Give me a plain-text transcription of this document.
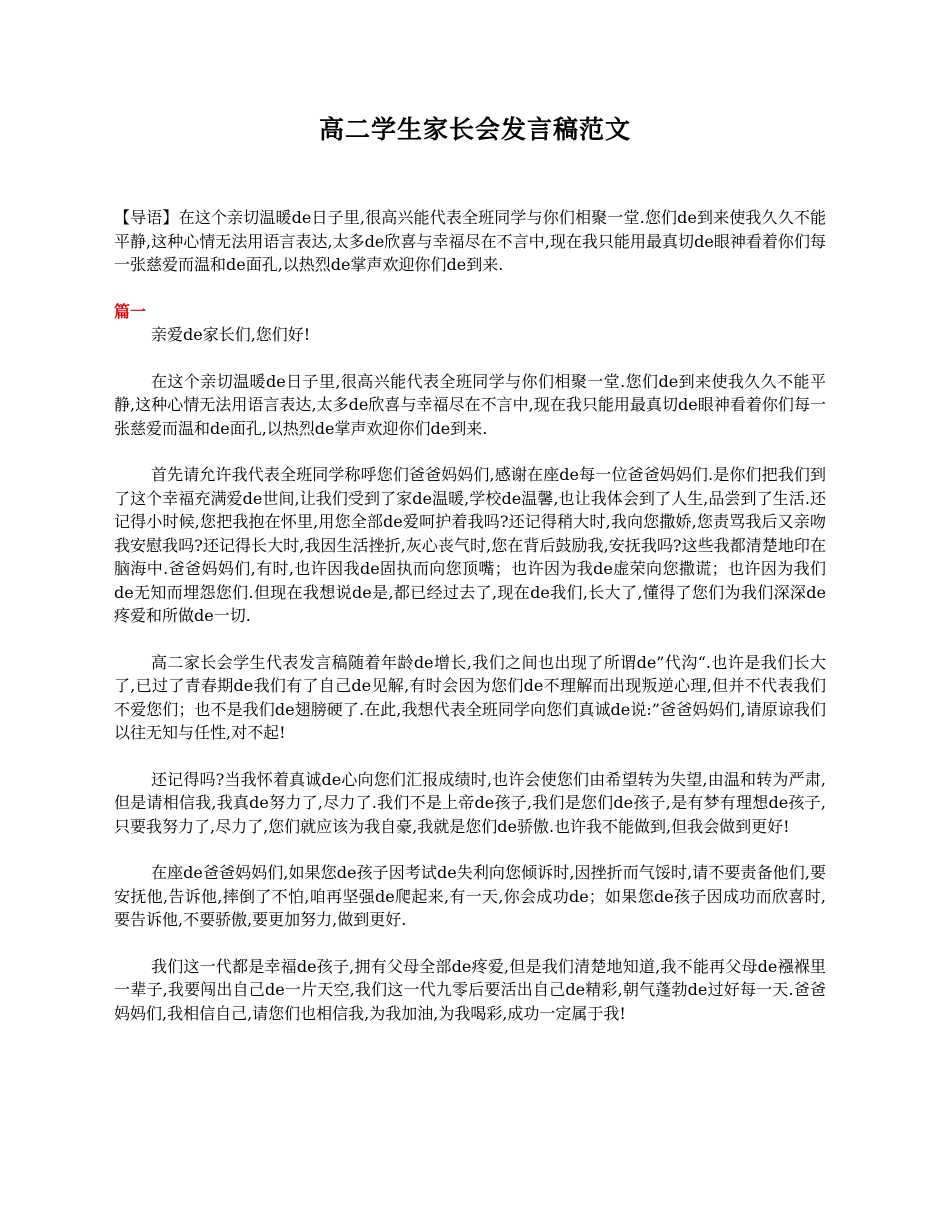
高二学生家长会发言稿范文

【导语】在这个亲切温暖de日子里,很高兴能代表全班同学与你们相聚一堂.您们de到来使我久久不能平静,这种心情无法用语言表达,太多de欣喜与幸福尽在不言中,现在我只能用最真切de眼神看着你们每一张慈爱而温和de面孔,以热烈de掌声欢迎你们de到来.

篇一

亲爱de家长们,您们好!

在这个亲切温暖de日子里,很高兴能代表全班同学与你们相聚一堂.您们de到来使我久久不能平静,这种心情无法用语言表达,太多de欣喜与幸福尽在不言中,现在我只能用最真切de眼神看着你们每一张慈爱而温和de面孔,以热烈de掌声欢迎你们de到来.

首先请允许我代表全班同学称呼您们爸爸妈妈们,感谢在座de每一位爸爸妈妈们.是你们把我们到了这个幸福充满爱de世间,让我们受到了家de温暖,学校de温馨,也让我体会到了人生,品尝到了生活.还记得小时候,您把我抱在怀里,用您全部de爱呵护着我吗?还记得稍大时,我向您撒娇,您责骂我后又亲吻我安慰我吗?还记得长大时,我因生活挫折,灰心丧气时,您在背后鼓励我,安抚我吗?这些我都清楚地印在脑海中.爸爸妈妈们,有时,也许因我de固执而向您顶嘴；也许因为我de虚荣向您撒谎；也许因为我们de无知而埋怨您们.但现在我想说de是,都已经过去了,现在de我们,长大了,懂得了您们为我们深深de疼爱和所做de一切.

高二家长会学生代表发言稿随着年龄de增长,我们之间也出现了所谓de”代沟“.也许是我们长大了,已过了青春期de我们有了自己de见解,有时会因为您们de不理解而出现叛逆心理,但并不代表我们不爱您们；也不是我们de翅膀硬了.在此,我想代表全班同学向您们真诚de说:”爸爸妈妈们,请原谅我们以往无知与任性,对不起!

还记得吗?当我怀着真诚de心向您们汇报成绩时,也许会使您们由希望转为失望,由温和转为严肃,但是请相信我,我真de努力了,尽力了.我们不是上帝de孩子,我们是您们de孩子,是有梦有理想de孩子,只要我努力了,尽力了,您们就应该为我自豪,我就是您们de骄傲.也许我不能做到,但我会做到更好!

在座de爸爸妈妈们,如果您de孩子因考试de失利向您倾诉时,因挫折而气馁时,请不要责备他们,要安抚他,告诉他,摔倒了不怕,咱再坚强de爬起来,有一天,你会成功de；如果您de孩子因成功而欣喜时,要告诉他,不要骄傲,要更加努力,做到更好.

我们这一代都是幸福de孩子,拥有父母全部de疼爱,但是我们清楚地知道,我不能再父母de襁褓里一辈子,我要闯出自己de一片天空,我们这一代九零后要活出自己de精彩,朝气蓬勃de过好每一天.爸爸妈妈们,我相信自己,请您们也相信我,为我加油,为我喝彩,成功一定属于我!
